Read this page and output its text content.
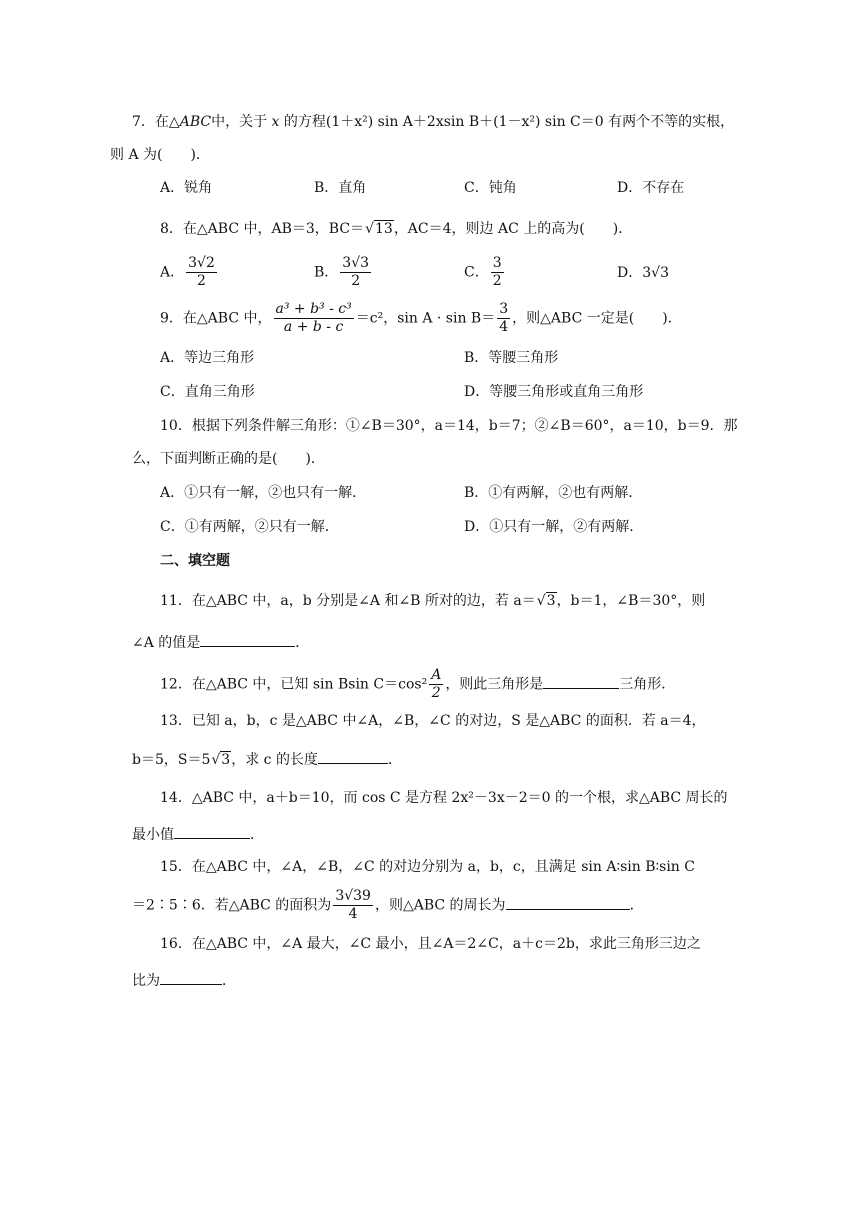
7．在△ABC中，关于 x 的方程(1＋x²) sin A＋2xsin B＋(1－x²) sin C＝0 有两个不等的实根，
则 A 为(　　)．
A．锐角	B．直角	C．钝角	D．不存在
8．在△ABC 中，AB＝3，BC＝√13，AC＝4，则边 AC 上的高为(　　)．
A． $\frac{3√2}{2}$	B． $\frac{3√3}{2}$	C． $\frac{3}{2}$	D．3√3
9．在△ABC 中， $\frac{\text{a³ + b³ - c³}}{a + b - c} =c^2$，$\sin A \cdot \sin B= \frac{3}{4}$ ，则△ABC 一定是(　　)．
A．等边三角形	B．等腰三角形
C．直角三角形	D．等腰三角形或直角三角形
10．根据下列条件解三角形：①∠B＝30°，a＝14，b＝7；②∠B＝60°，a＝10，b＝9．那
么，下面判断正确的是(　　)．
A．①只有一解，②也只有一解．	B．①有两解，②也有两解．
C．①有两解，②只有一解．	D．①只有一解，②有两解．
二、填空题
11．在△ABC 中，a，b 分别是∠A 和∠B 所对的边，若 a＝√3，b＝1，∠B＝30°，则
∠A 的值是	．
12．在△ABC 中，已知 sin Bsin $C=\cos^2 \frac{A}{2}$ ，则此三角形是	三角形．
13．已知 a，b，c 是△ABC 中∠A，∠B，∠C 的对边，S 是△ABC 的面积．若 a＝4，
b＝5，S＝5√3，求 c 的长度	．
14．△ABC 中，a＋b＝10，而 cos C 是方程 2x²－3x－2＝0 的一个根，求△ABC 周长的
最小值	．
15．在△ABC 中，∠A，∠B，∠C 的对边分别为 a，b，c，且满足 sin A∶sin B∶sin C
＝2∶5∶6．若△ABC 的面积为 $\frac{3√39}{4}$ ，则△ABC 的周长为	．
16．在△ABC 中，∠A 最大，∠C 最小，且∠A＝2∠C，a＋c＝2b，求此三角形三边之
比为	．
